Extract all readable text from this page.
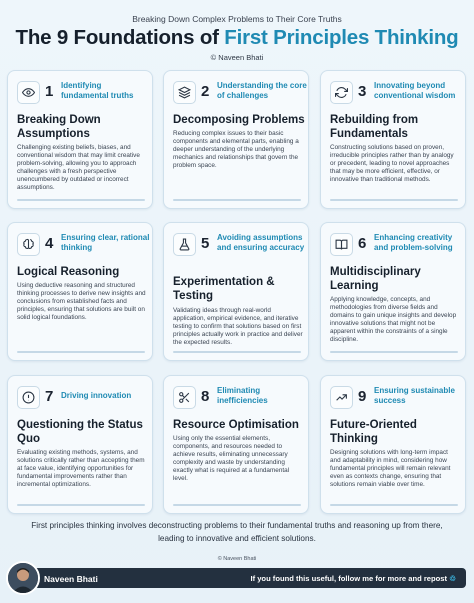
Breaking Down Complex Problems to Their Core Truths
The 9 Foundations of First Principles Thinking
© Naveen Bhati
1 Identifying fundamental truths
Breaking Down Assumptions
Challenging existing beliefs, biases, and conventional wisdom that may limit creative problem-solving, allowing you to approach challenges with a fresh perspective unencumbered by outdated or incorrect assumptions.
2 Understanding the core of challenges
Decomposing Problems
Reducing complex issues to their basic components and elemental parts, enabling a deeper understanding of the underlying mechanics and relationships that govern the problem space.
3 Innovating beyond conventional wisdom
Rebuilding from Fundamentals
Constructing solutions based on proven, irreducible principles rather than by analogy or precedent, leading to novel approaches that may be more efficient, effective, or innovative than traditional methods.
4 Ensuring clear, rational thinking
Logical Reasoning
Using deductive reasoning and structured thinking processes to derive new insights and conclusions from established facts and principles, ensuring that solutions are built on solid logical foundations.
5 Avoiding assumptions and ensuring accuracy
Experimentation & Testing
Validating ideas through real-world application, empirical evidence, and iterative testing to confirm that solutions based on first principles actually work in practice and deliver the expected results.
6 Enhancing creativity and problem-solving
Multidisciplinary Learning
Applying knowledge, concepts, and methodologies from diverse fields and domains to gain unique insights and develop innovative solutions that might not be apparent within the constraints of a single discipline.
7 Driving innovation
Questioning the Status Quo
Evaluating existing methods, systems, and solutions critically rather than accepting them at face value, identifying opportunities for fundamental improvements rather than incremental optimizations.
8 Eliminating inefficiencies
Resource Optimisation
Using only the essential elements, components, and resources needed to achieve results, eliminating unnecessary complexity and waste by understanding exactly what is required at a fundamental level.
9 Ensuring sustainable success
Future-Oriented Thinking
Designing solutions with long-term impact and adaptability in mind, considering how fundamental principles will remain relevant even as contexts change, ensuring that solutions remain viable over time.
First principles thinking involves deconstructing problems to their fundamental truths and reasoning up from there, leading to innovative and efficient solutions.
© Naveen Bhati
Naveen Bhati	If you found this useful, follow me for more and repost ♲
